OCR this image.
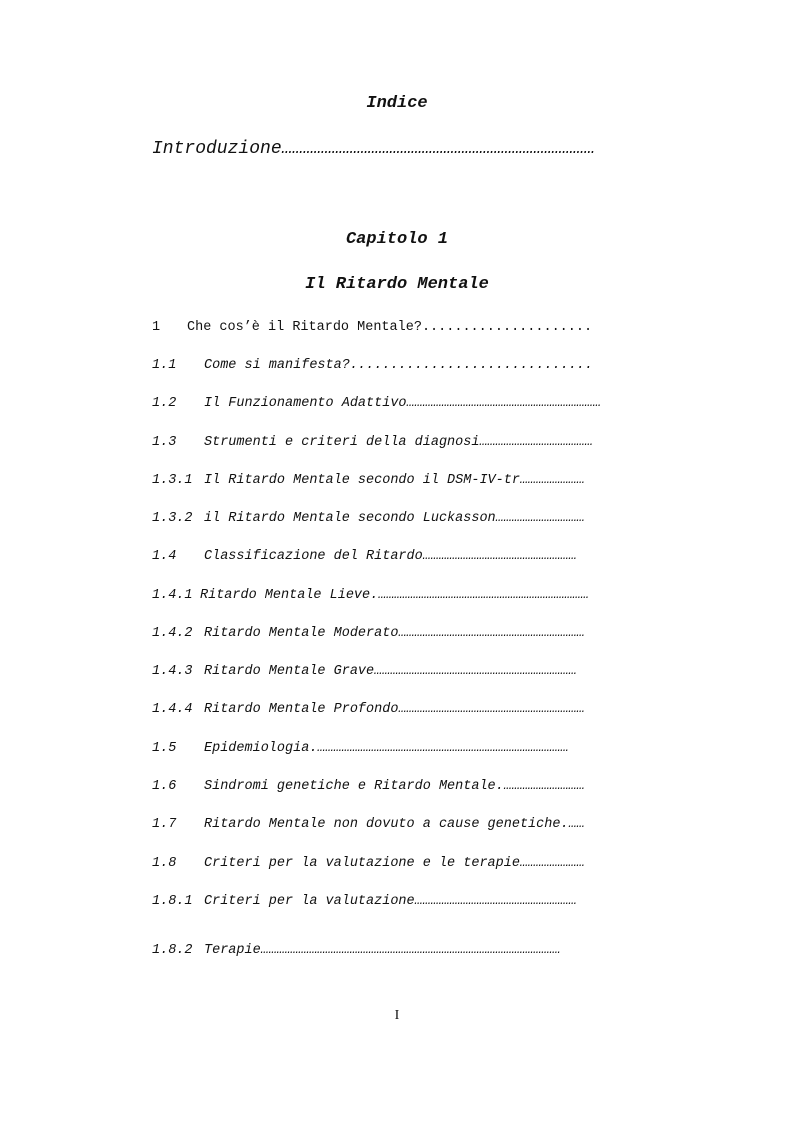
Indice
Introduzione……………………………………………………………………………
Capitolo 1
Il Ritardo Mentale
1 Che cos’è il Ritardo Mentale?.....................
1.1 Come si manifesta?..............................
1.2 Il Funzionamento Adattivo………………………………………………………………
1.3 Strumenti e criteri della diagnosi……………………………………
1.3.1 Il Ritardo Mentale secondo il DSM-IV-tr……………………
1.3.2 il Ritardo Mentale secondo Luckasson……………………………
1.4 Classificazione del Ritardo…………………………………………………
1.4.1 Ritardo Mentale Lieve.……………………………………………………………………
1.4.2 Ritardo Mentale Moderato……………………………………………………………
1.4.3 Ritardo Mentale Grave…………………………………………………………………
1.4.4 Ritardo Mentale Profondo……………………………………………………………
1.5 Epidemiologia.…………………………………………………………………………………
1.6 Sindromi genetiche e Ritardo Mentale.…………………………
1.7 Ritardo Mentale non dovuto a cause genetiche.……
1.8 Criteri per la valutazione e le terapie……………………
1.8.1 Criteri per la valutazione……………………………………………………
1.8.2 Terapie…………………………………………………………………………………………………
I
